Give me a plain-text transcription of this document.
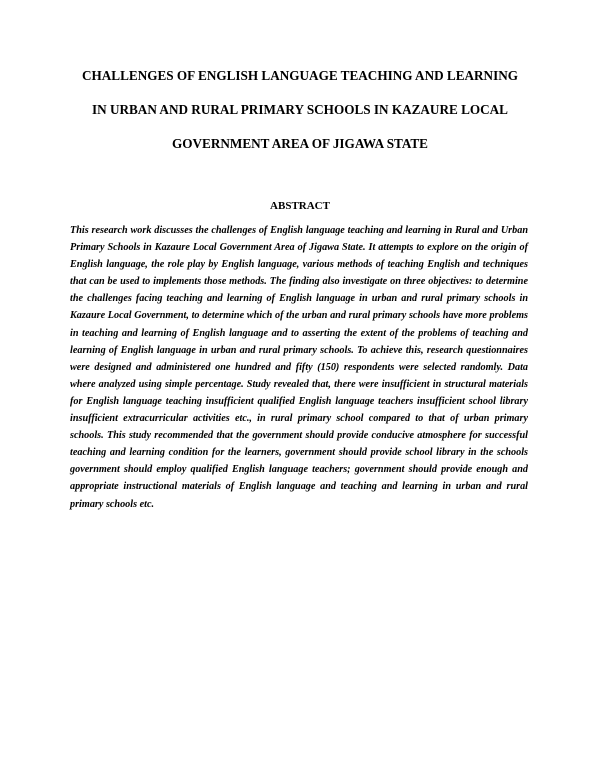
CHALLENGES OF ENGLISH LANGUAGE TEACHING AND LEARNING
IN URBAN AND RURAL PRIMARY SCHOOLS IN KAZAURE LOCAL
GOVERNMENT AREA OF JIGAWA STATE
ABSTRACT
This research work discusses the challenges of English language teaching and learning in Rural and Urban Primary Schools in Kazaure Local Government Area of Jigawa State. It attempts to explore on the origin of English language, the role play by English language, various methods of teaching English and techniques that can be used to implements those methods. The finding also investigate on three objectives: to determine the challenges facing teaching and learning of English language in urban and rural primary schools in Kazaure Local Government, to determine which of the urban and rural primary schools have more problems in teaching and learning of English language and to asserting the extent of the problems of teaching and learning of English language in urban and rural primary schools. To achieve this, research questionnaires were designed and administered one hundred and fifty (150) respondents were selected randomly. Data where analyzed using simple percentage. Study revealed that, there were insufficient in structural materials for English language teaching insufficient qualified English language teachers insufficient school library insufficient extracurricular activities etc., in rural primary school compared to that of urban primary schools. This study recommended that the government should provide conducive atmosphere for successful teaching and learning condition for the learners, government should provide school library in the schools government should employ qualified English language teachers; government should provide enough and appropriate instructional materials of English language and teaching and learning in urban and rural primary schools etc.
